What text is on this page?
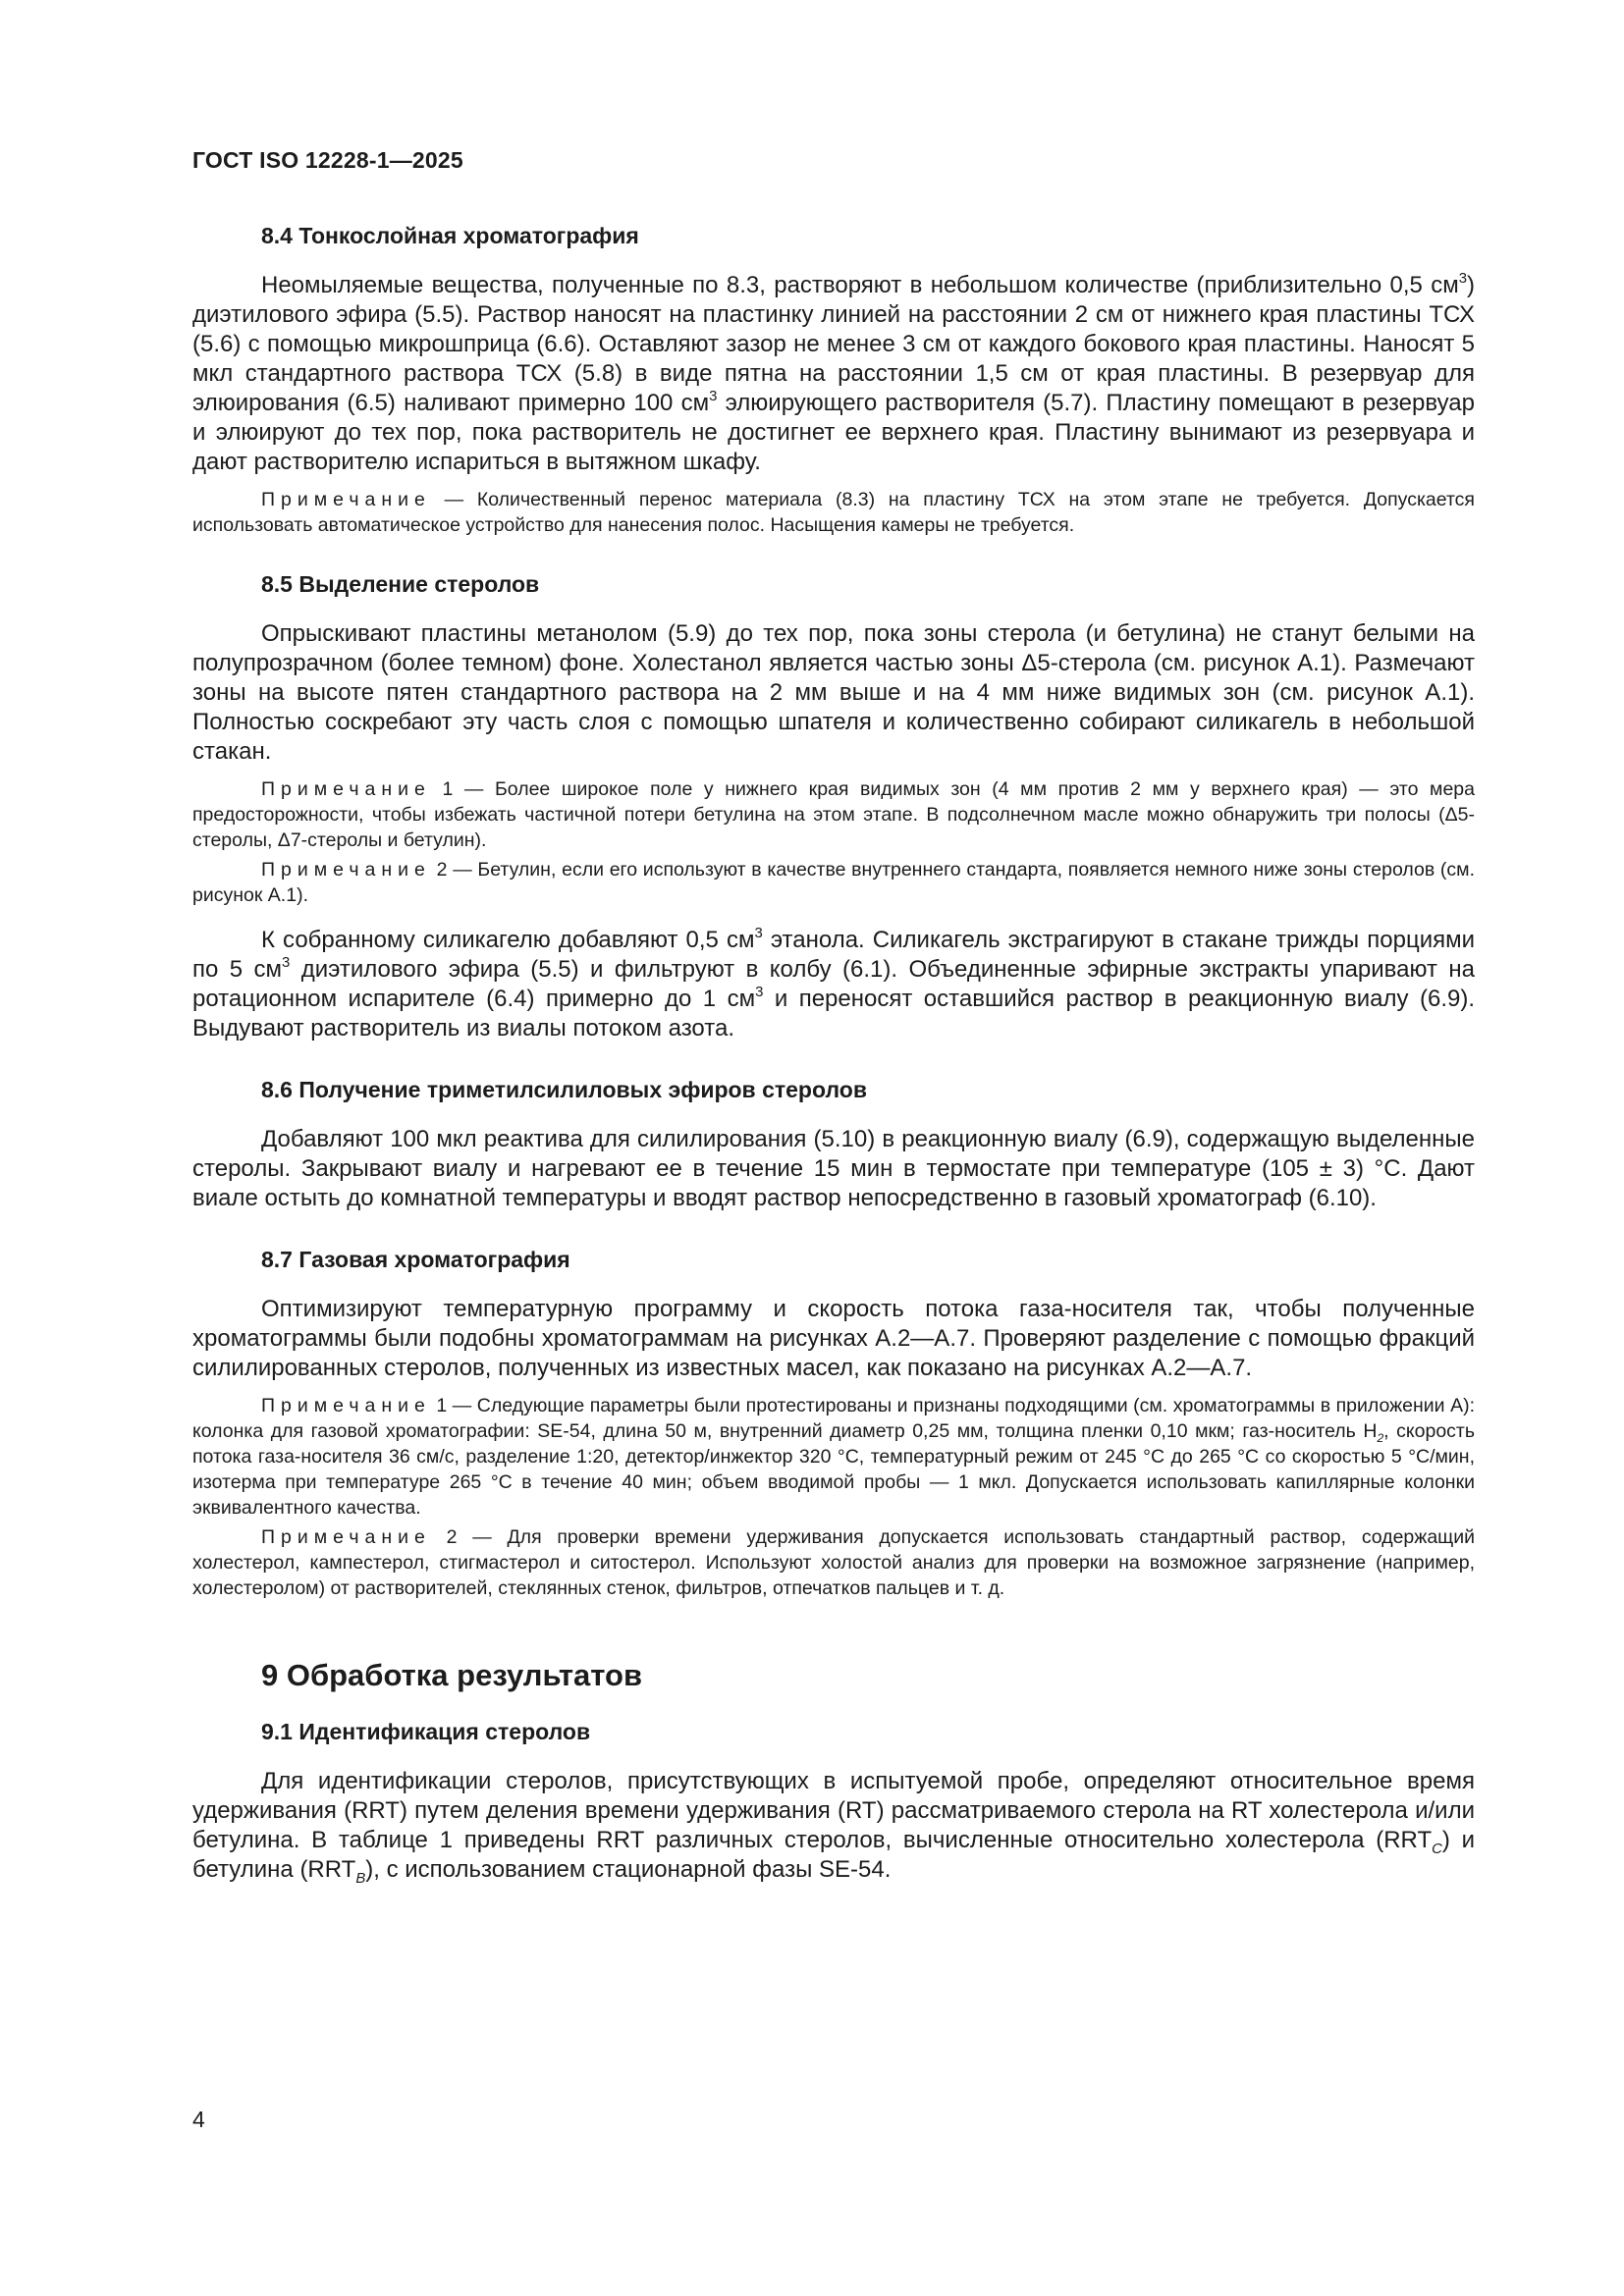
ГОСТ ISO 12228-1—2025
8.4 Тонкослойная хроматография

Неомыляемые вещества, полученные по 8.3, растворяют в небольшом количестве (приблизительно 0,5 $см^3$) диэтилового эфира (5.5). Раствор наносят на пластинку линией на расстоянии 2 см от нижнего края пластины ТСХ (5.6) с помощью микрошприца (6.6). Оставляют зазор не менее 3 см от каждого бокового края пластины. Наносят 5 мкл стандартного раствора ТСХ (5.8) в виде пятна на расстоянии 1,5 см от края пластины. В резервуар для элюирования (6.5) наливают примерно 100 $см^3$ элюирующего растворителя (5.7). Пластину помещают в резервуар и элюируют до тех пор, пока растворитель не достигнет ее верхнего края. Пластину вынимают из резервуара и дают растворителю испариться в вытяжном шкафу.

Примечание — Количественный перенос материала (8.3) на пластину ТСХ на этом этапе не требуется. Допускается использовать автоматическое устройство для нанесения полос. Насыщения камеры не требуется.

8.5 Выделение стеролов

Опрыскивают пластины метанолом (5.9) до тех пор, пока зоны стерола (и бетулина) не станут белыми на полупрозрачном (более темном) фоне. Холестанол является частью зоны Δ5-стерола (см. рисунок А.1). Размечают зоны на высоте пятен стандартного раствора на 2 мм выше и на 4 мм ниже видимых зон (см. рисунок А.1). Полностью соскребают эту часть слоя с помощью шпателя и количественно собирают силикагель в небольшой стакан.

Примечание 1 — Более широкое поле у нижнего края видимых зон (4 мм против 2 мм у верхнего края) — это мера предосторожности, чтобы избежать частичной потери бетулина на этом этапе. В подсолнечном масле можно обнаружить три полосы (Δ5-стеролы, Δ7-стеролы и бетулин).

Примечание 2 — Бетулин, если его используют в качестве внутреннего стандарта, появляется немного ниже зоны стеролов (см. рисунок А.1).

К собранному силикагелю добавляют 0,5 $см^3$ этанола. Силикагель экстрагируют в стакане трижды порциями по 5 $см^3$ диэтилового эфира (5.5) и фильтруют в колбу (6.1). Объединенные эфирные экстракты упаривают на ротационном испарителе (6.4) примерно до 1 $см^3$ и переносят оставшийся раствор в реакционную виалу (6.9). Выдувают растворитель из виалы потоком азота.

8.6 Получение триметилсилиловых эфиров стеролов

Добавляют 100 мкл реактива для силилирования (5.10) в реакционную виалу (6.9), содержащую выделенные стеролы. Закрывают виалу и нагревают ее в течение 15 мин в термостате при температуре (105 ± 3) °С. Дают виале остыть до комнатной температуры и вводят раствор непосредственно в газовый хроматограф (6.10).

8.7 Газовая хроматография

Оптимизируют температурную программу и скорость потока газа-носителя так, чтобы полученные хроматограммы были подобны хроматограммам на рисунках А.2—А.7. Проверяют разделение с помощью фракций силилированных стеролов, полученных из известных масел, как показано на рисунках А.2—А.7.

Примечание 1 — Следующие параметры были протестированы и признаны подходящими (см. хроматограммы в приложении А): колонка для газовой хроматографии: SE-54, длина 50 м, внутренний диаметр 0,25 мм, толщина пленки 0,10 мкм; газ-носитель $H_2$, скорость потока газа-носителя 36 см/с, разделение 1:20, детектор/инжектор 320 °С, температурный режим от 245 °С до 265 °С со скоростью 5 °С/мин, изотерма при температуре 265 °С в течение 40 мин; объем вводимой пробы — 1 мкл. Допускается использовать капиллярные колонки эквивалентного качества.

Примечание 2 — Для проверки времени удерживания допускается использовать стандартный раствор, содержащий холестерол, кампестерол, стигмастерол и ситостерол. Используют холостой анализ для проверки на возможное загрязнение (например, холестеролом) от растворителей, стеклянных стенок, фильтров, отпечатков пальцев и т. д.

9 Обработка результатов
9.1 Идентификация стеролов

Для идентификации стеролов, присутствующих в испытуемой пробе, определяют относительное время удерживания (RRT) путем деления времени удерживания (RT) рассматриваемого стерола на RT холестерола и/или бетулина. В таблице 1 приведены RRT различных стеролов, вычисленные относительно холестерола $(RRT_C)$ и бетулина $(RRT_B)$, с использованием стационарной фазы SE-54.

4
